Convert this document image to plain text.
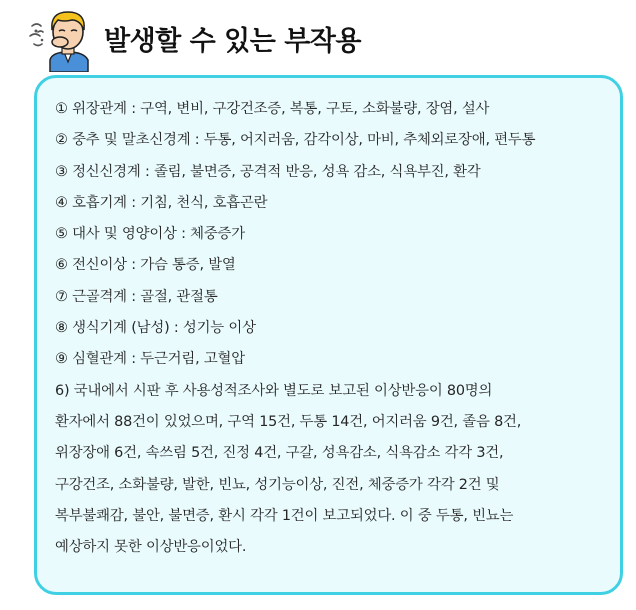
발생할 수 있는 부작용
① 위장관계 : 구역, 변비, 구강건조증, 복통, 구토, 소화불량, 장염, 설사
② 중추 및 말초신경계 : 두통, 어지러움, 감각이상, 마비, 추체외로장애, 편두통
③ 정신신경계 : 졸림, 불면증, 공격적 반응, 성욕 감소, 식욕부진, 환각
④ 호흡기계 : 기침, 천식, 호흡곤란
⑤ 대사 및 영양이상 : 체중증가
⑥ 전신이상 : 가슴 통증, 발열
⑦ 근골격계 : 골절, 관절통
⑧ 생식기계 (남성) : 성기능 이상
⑨ 심혈관계 : 두근거림, 고혈압
6) 국내에서 시판 후 사용성적조사와 별도로 보고된 이상반응이 80명의
환자에서 88건이 있었으며, 구역 15건, 두통 14건, 어지러움 9건, 졸음 8건,
위장장애 6건, 속쓰림 5건, 진정 4건, 구갈, 성욕감소, 식욕감소 각각 3건,
구강건조, 소화불량, 발한, 빈뇨, 성기능이상, 진전, 체중증가 각각 2건 및
복부불쾌감, 불안, 불면증, 환시 각각 1건이 보고되었다. 이 중 두통, 빈뇨는
예상하지 못한 이상반응이었다.
